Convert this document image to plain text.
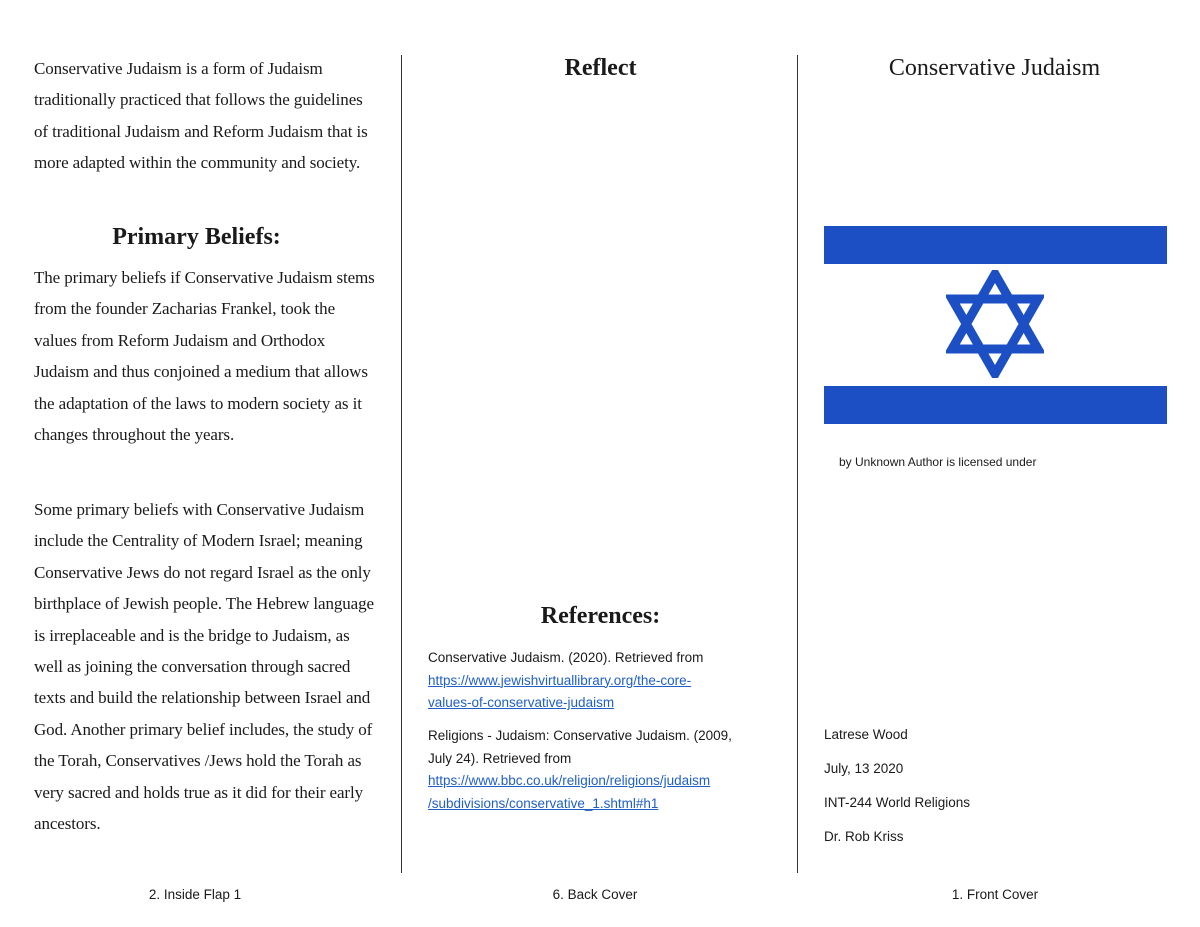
Conservative Judaism is a form of Judaism traditionally practiced that follows the guidelines of traditional Judaism and Reform Judaism that is more adapted within the community and society.

Primary Beliefs:

The primary beliefs if Conservative Judaism stems from the founder Zacharias Frankel, took the values from Reform Judaism and Orthodox Judaism and thus conjoined a medium that allows the adaptation of the laws to modern society as it changes throughout the years.

Some primary beliefs with Conservative Judaism include the Centrality of Modern Israel; meaning Conservative Jews do not regard Israel as the only birthplace of Jewish people. The Hebrew language is irreplaceable and is the bridge to Judaism, as well as joining the conversation through sacred texts and build the relationship between Israel and God. Another primary belief includes, the study of the Torah, Conservatives /Jews hold the Torah as very sacred and holds true as it did for their early ancestors.

Reflect
References:

Conservative Judaism. (2020). Retrieved from

https://www.jewishvirtuallibrary.org/the-core-

values-of-conservative-judaism

Religions - Judaism: Conservative Judaism. (2009,

July 24). Retrieved from

https://www.bbc.co.uk/religion/religions/judaism

/subdivisions/conservative_1.shtml#h1

Conservative Judaism

by Unknown Author is licensed under

Latrese Wood

July, 13 2020

INT-244 World Religions

Dr. Rob Kriss

2. Inside Flap 1	6. Back Cover	1. Front Cover
